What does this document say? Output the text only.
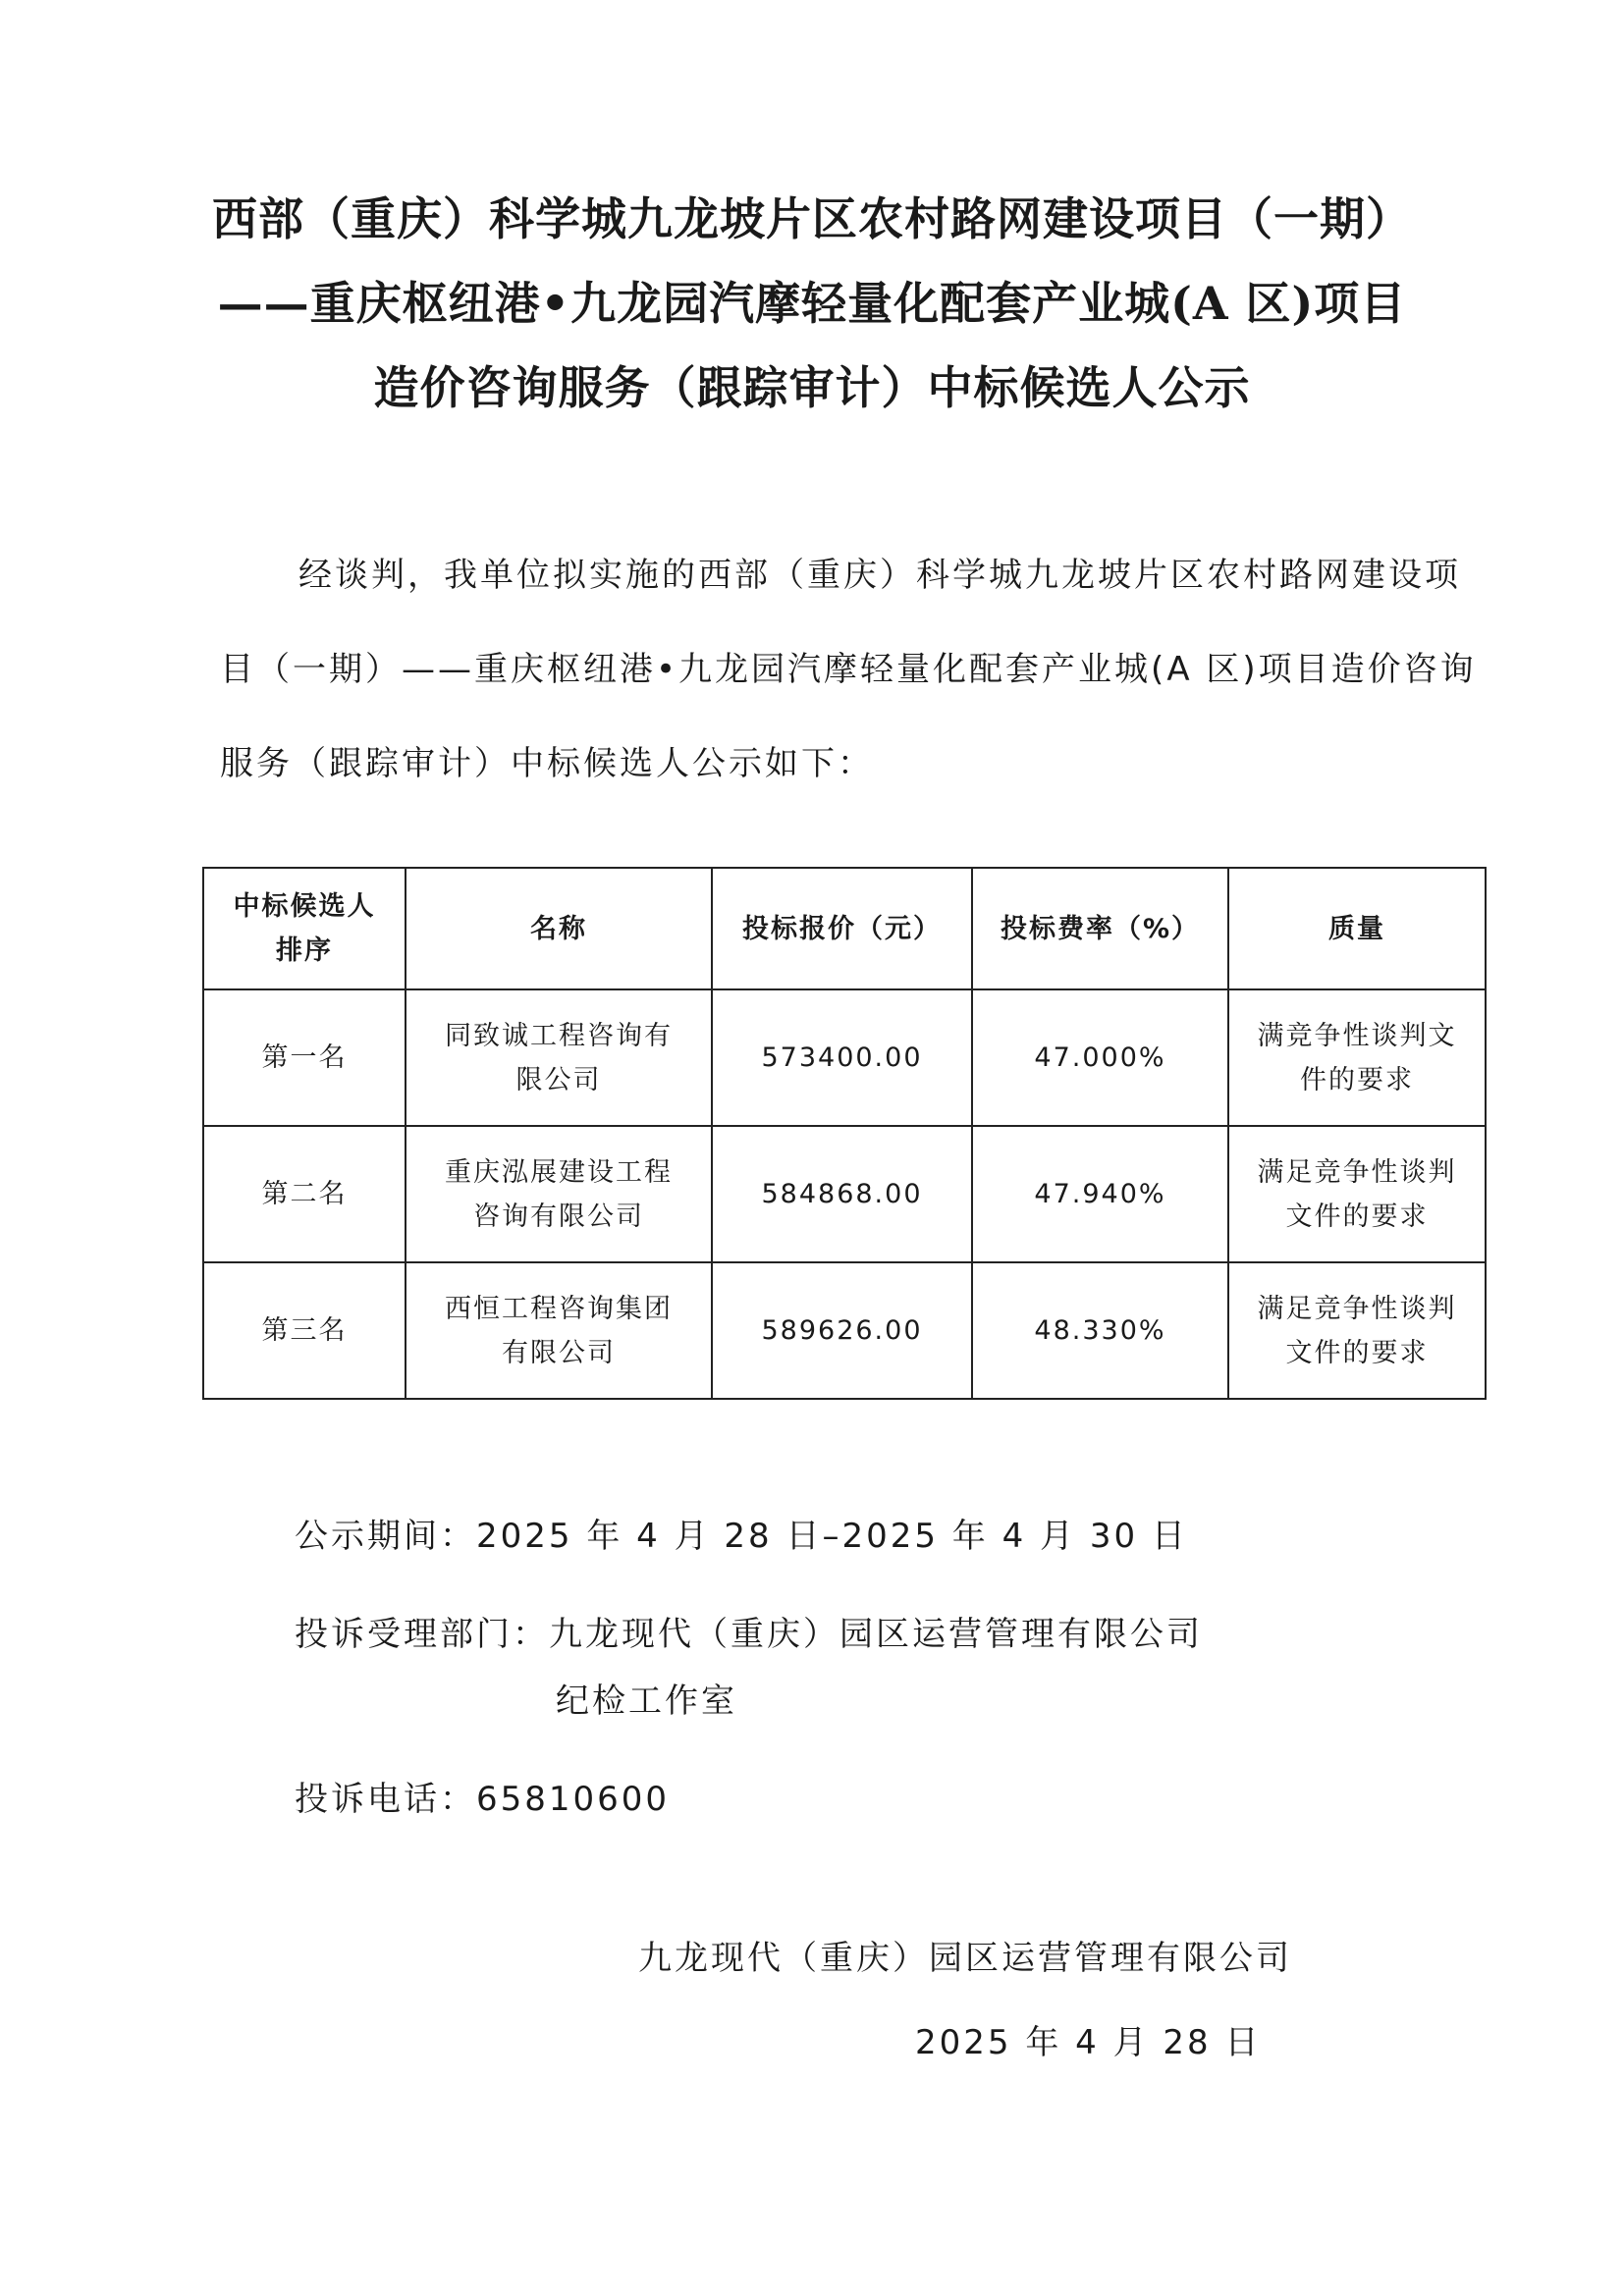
西部（重庆）科学城九龙坡片区农村路网建设项目（一期）
——重庆枢纽港•九龙园汽摩轻量化配套产业城(A 区)项目
造价咨询服务（跟踪审计）中标候选人公示

经谈判，我单位拟实施的西部（重庆）科学城九龙坡片区农村路网建设项目（一期）——重庆枢纽港•九龙园汽摩轻量化配套产业城(A 区)项目造价咨询服务（跟踪审计）中标候选人公示如下：

中标候选人排序	名称	投标报价（元）	投标费率（%）	质量
第一名	同致诚工程咨询有限公司	573400.00	47.000%	满竞争性谈判文件的要求
第二名	重庆泓展建设工程咨询有限公司	584868.00	47.940%	满足竞争性谈判文件的要求
第三名	西恒工程咨询集团有限公司	589626.00	48.330%	满足竞争性谈判文件的要求
公示期间：2025 年 4 月 28 日–2025 年 4 月 30 日
投诉受理部门：九龙现代（重庆）园区运营管理有限公司
纪检工作室
投诉电话：65810600
九龙现代（重庆）园区运营管理有限公司
2025 年 4 月 28 日
